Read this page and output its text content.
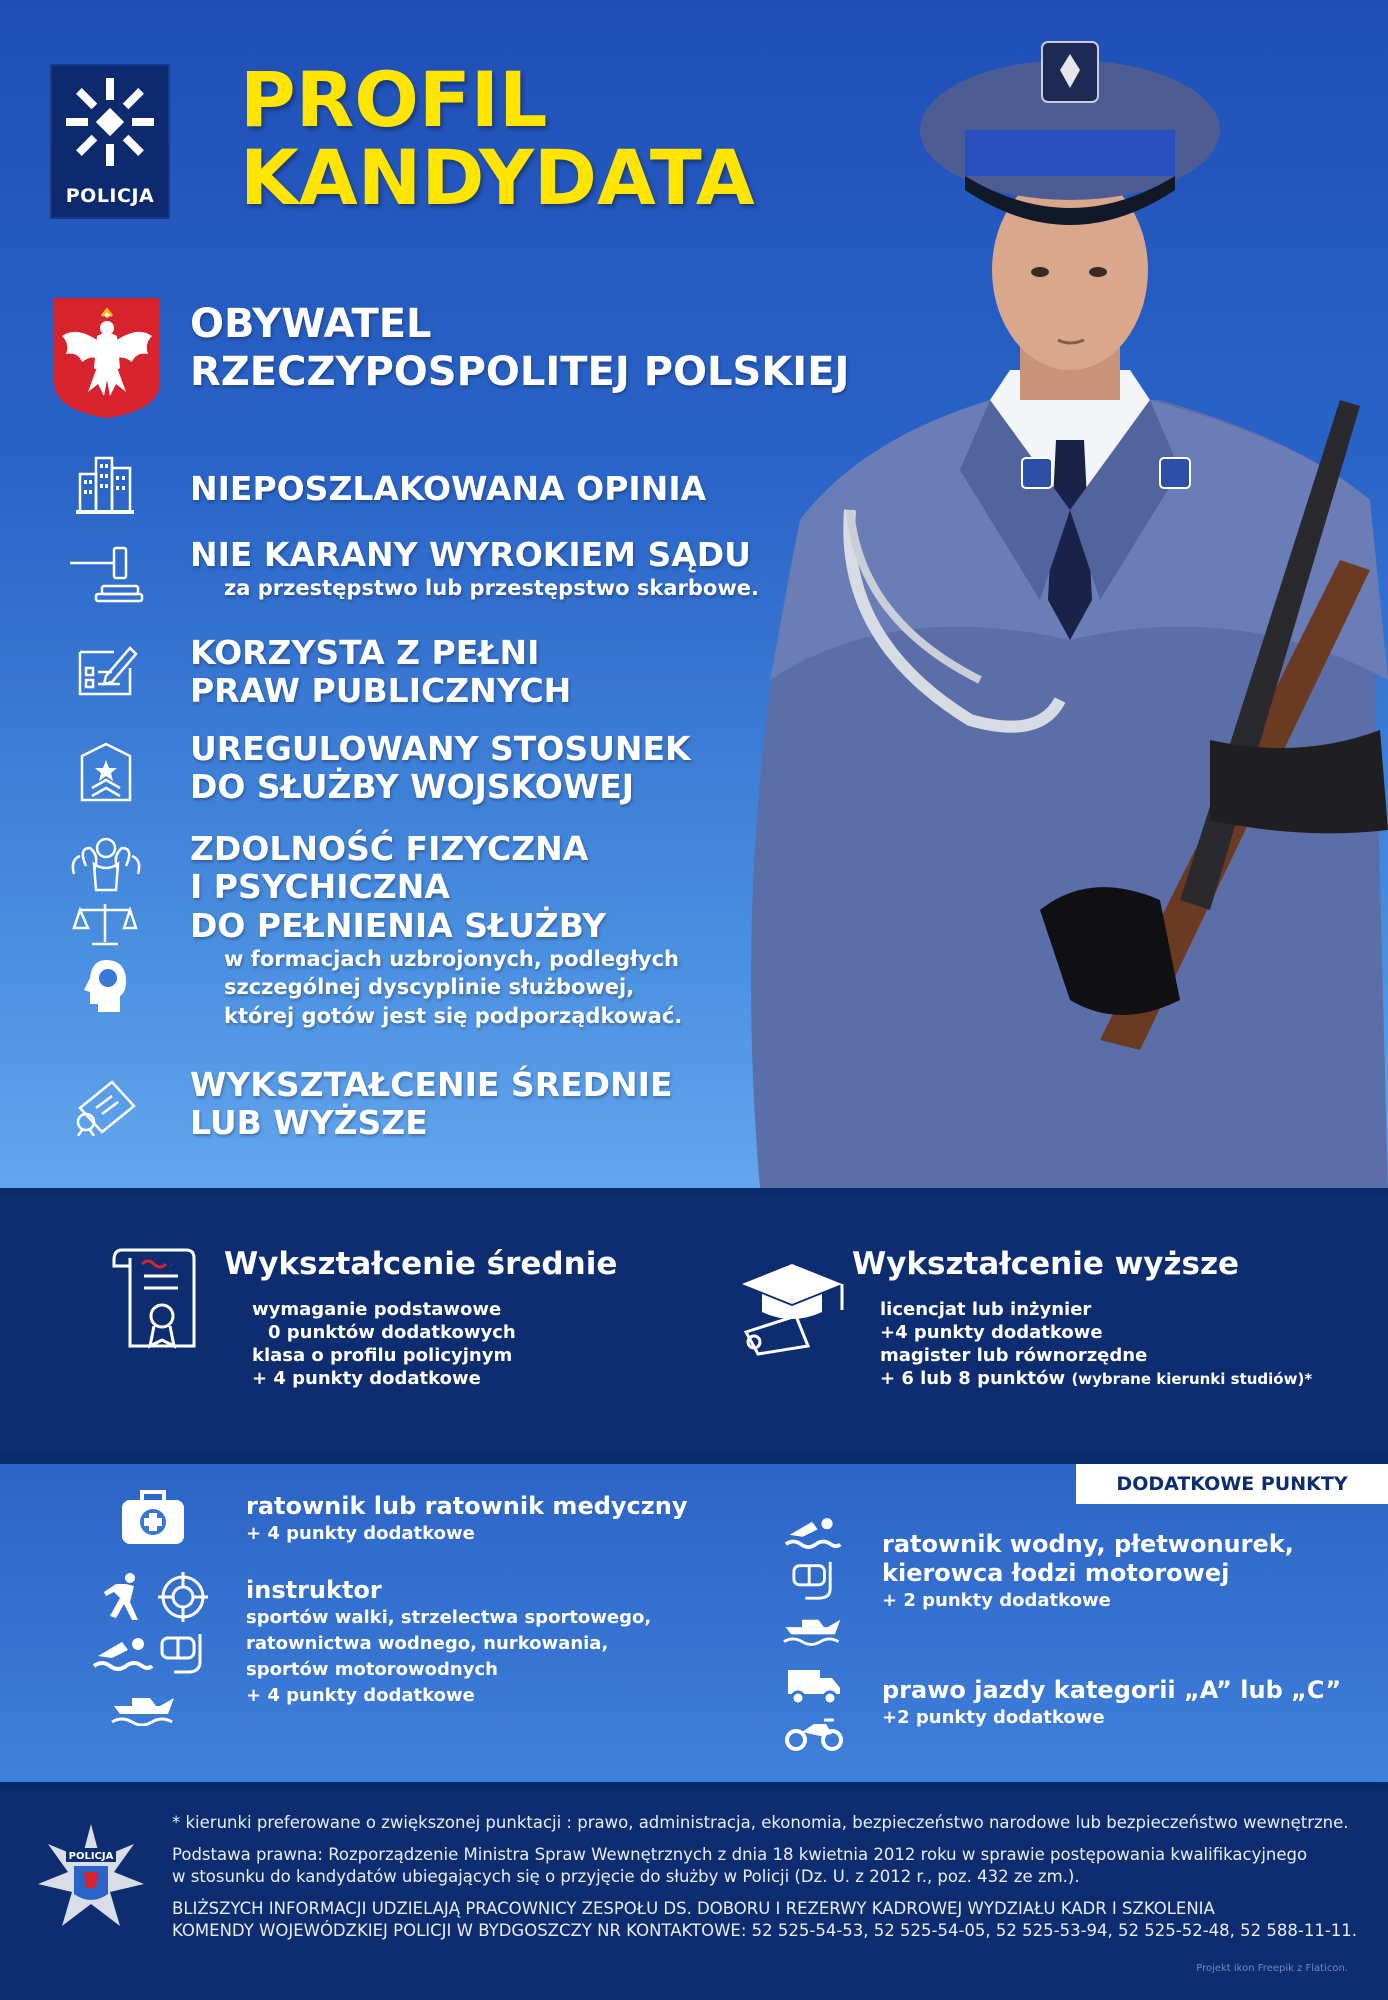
POLICJA
PROFIL
KANDYDATA
OBYWATEL
RZECZYPOSPOLITEJ POLSKIEJ
NIEPOSZLAKOWANA OPINIA
NIE KARANY WYROKIEM SĄDU
za przestępstwo lub przestępstwo skarbowe.
KORZYSTA Z PEŁNI
PRAW PUBLICZNYCH
UREGULOWANY STOSUNEK
DO SŁUŻBY WOJSKOWEJ
ZDOLNOŚĆ FIZYCZNA
I PSYCHICZNA
DO PEŁNIENIA SŁUŻBY
w formacjach uzbrojonych, podległych
szczególnej dyscyplinie służbowej,
której gotów jest się podporządkować.
WYKSZTAŁCENIE ŚREDNIE
LUB WYŻSZE
Wykształcenie średnie
wymaganie podstawowe
0 punktów dodatkowych
klasa o profilu policyjnym
+ 4 punkty dodatkowe
Wykształcenie wyższe
licencjat lub inżynier
+4 punkty dodatkowe
magister lub równorzędne
+ 6 lub 8 punktów (wybrane kierunki studiów)*
DODATKOWE PUNKTY
ratownik lub ratownik medyczny
+ 4 punkty dodatkowe
instruktor
sportów walki, strzelectwa sportowego,
ratownictwa wodnego, nurkowania,
sportów motorowodnych
+ 4 punkty dodatkowe
ratownik wodny, płetwonurek,
kierowca łodzi motorowej
+ 2 punkty dodatkowe
prawo jazdy kategorii „A” lub „C”
+2 punkty dodatkowe
POLICJA
* kierunki preferowane o zwiększonej punktacji : prawo, administracja, ekonomia, bezpieczeństwo narodowe lub bezpieczeństwo wewnętrzne.
Podstawa prawna: Rozporządzenie Ministra Spraw Wewnętrznych z dnia 18 kwietnia 2012 roku w sprawie postępowania kwalifikacyjnego
w stosunku do kandydatów ubiegających się o przyjęcie do służby w Policji (Dz. U. z 2012 r., poz. 432 ze zm.).
BLIŻSZYCH INFORMACJI UDZIELAJĄ PRACOWNICY ZESPOŁU DS. DOBORU I REZERWY KADROWEJ WYDZIAŁU KADR I SZKOLENIA
KOMENDY WOJEWÓDZKIEJ POLICJI W BYDGOSZCZY NR KONTAKTOWE: 52 525-54-53, 52 525-54-05, 52 525-53-94, 52 525-52-48, 52 588-11-11.
Projekt ikon Freepik z Flaticon.
